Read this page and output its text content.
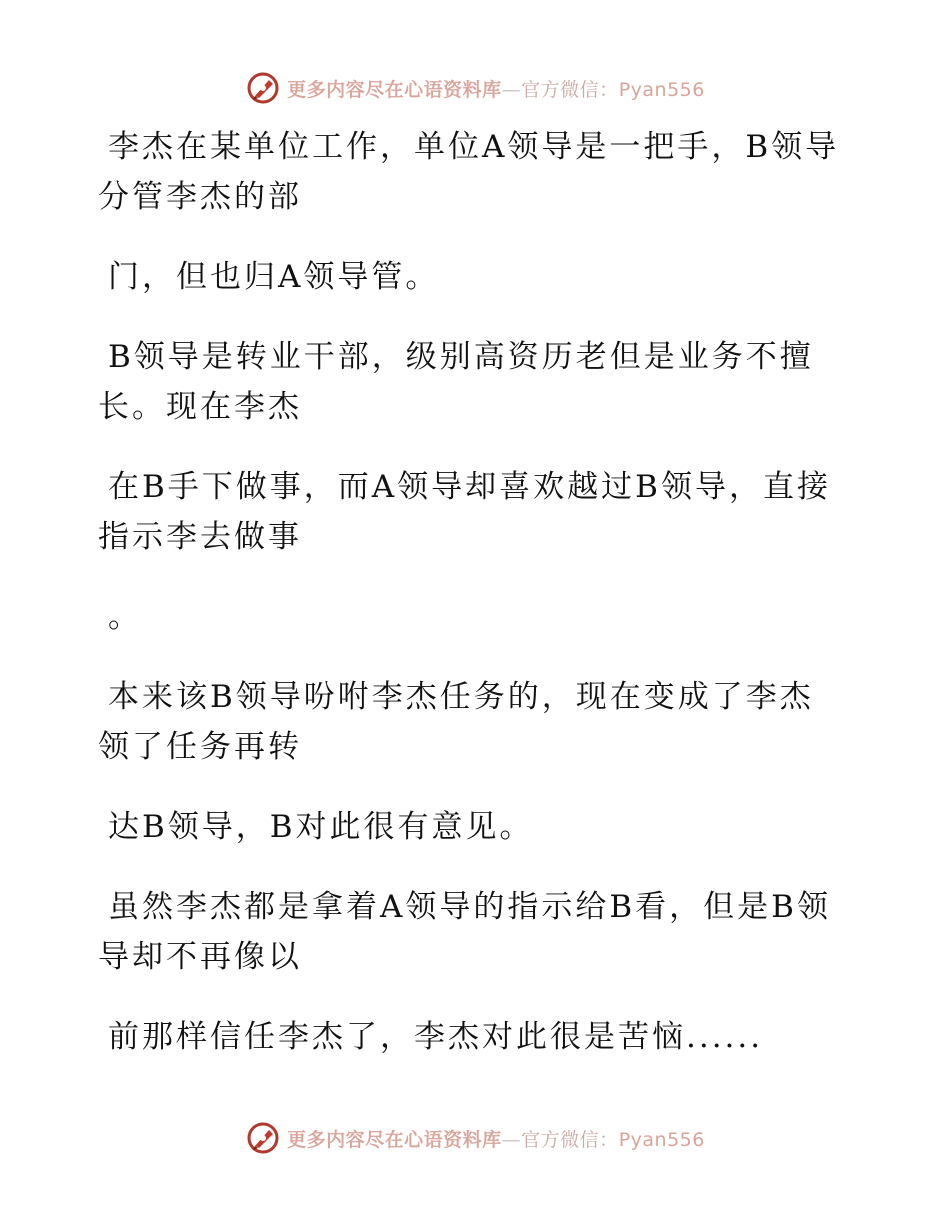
更多内容尽在心语资料库—官方微信：Pyan556

李杰在某单位工作，单位A领导是一把手，B领导
分管李杰的部

门，但也归A领导管。

B领导是转业干部，级别高资历老但是业务不擅
长。现在李杰

在B手下做事，而A领导却喜欢越过B领导，直接
指示李去做事

。

本来该B领导吩咐李杰任务的，现在变成了李杰
领了任务再转

达B领导，B对此很有意见。

虽然李杰都是拿着A领导的指示给B看，但是B领
导却不再像以

前那样信任李杰了，李杰对此很是苦恼......

更多内容尽在心语资料库—官方微信：Pyan556
